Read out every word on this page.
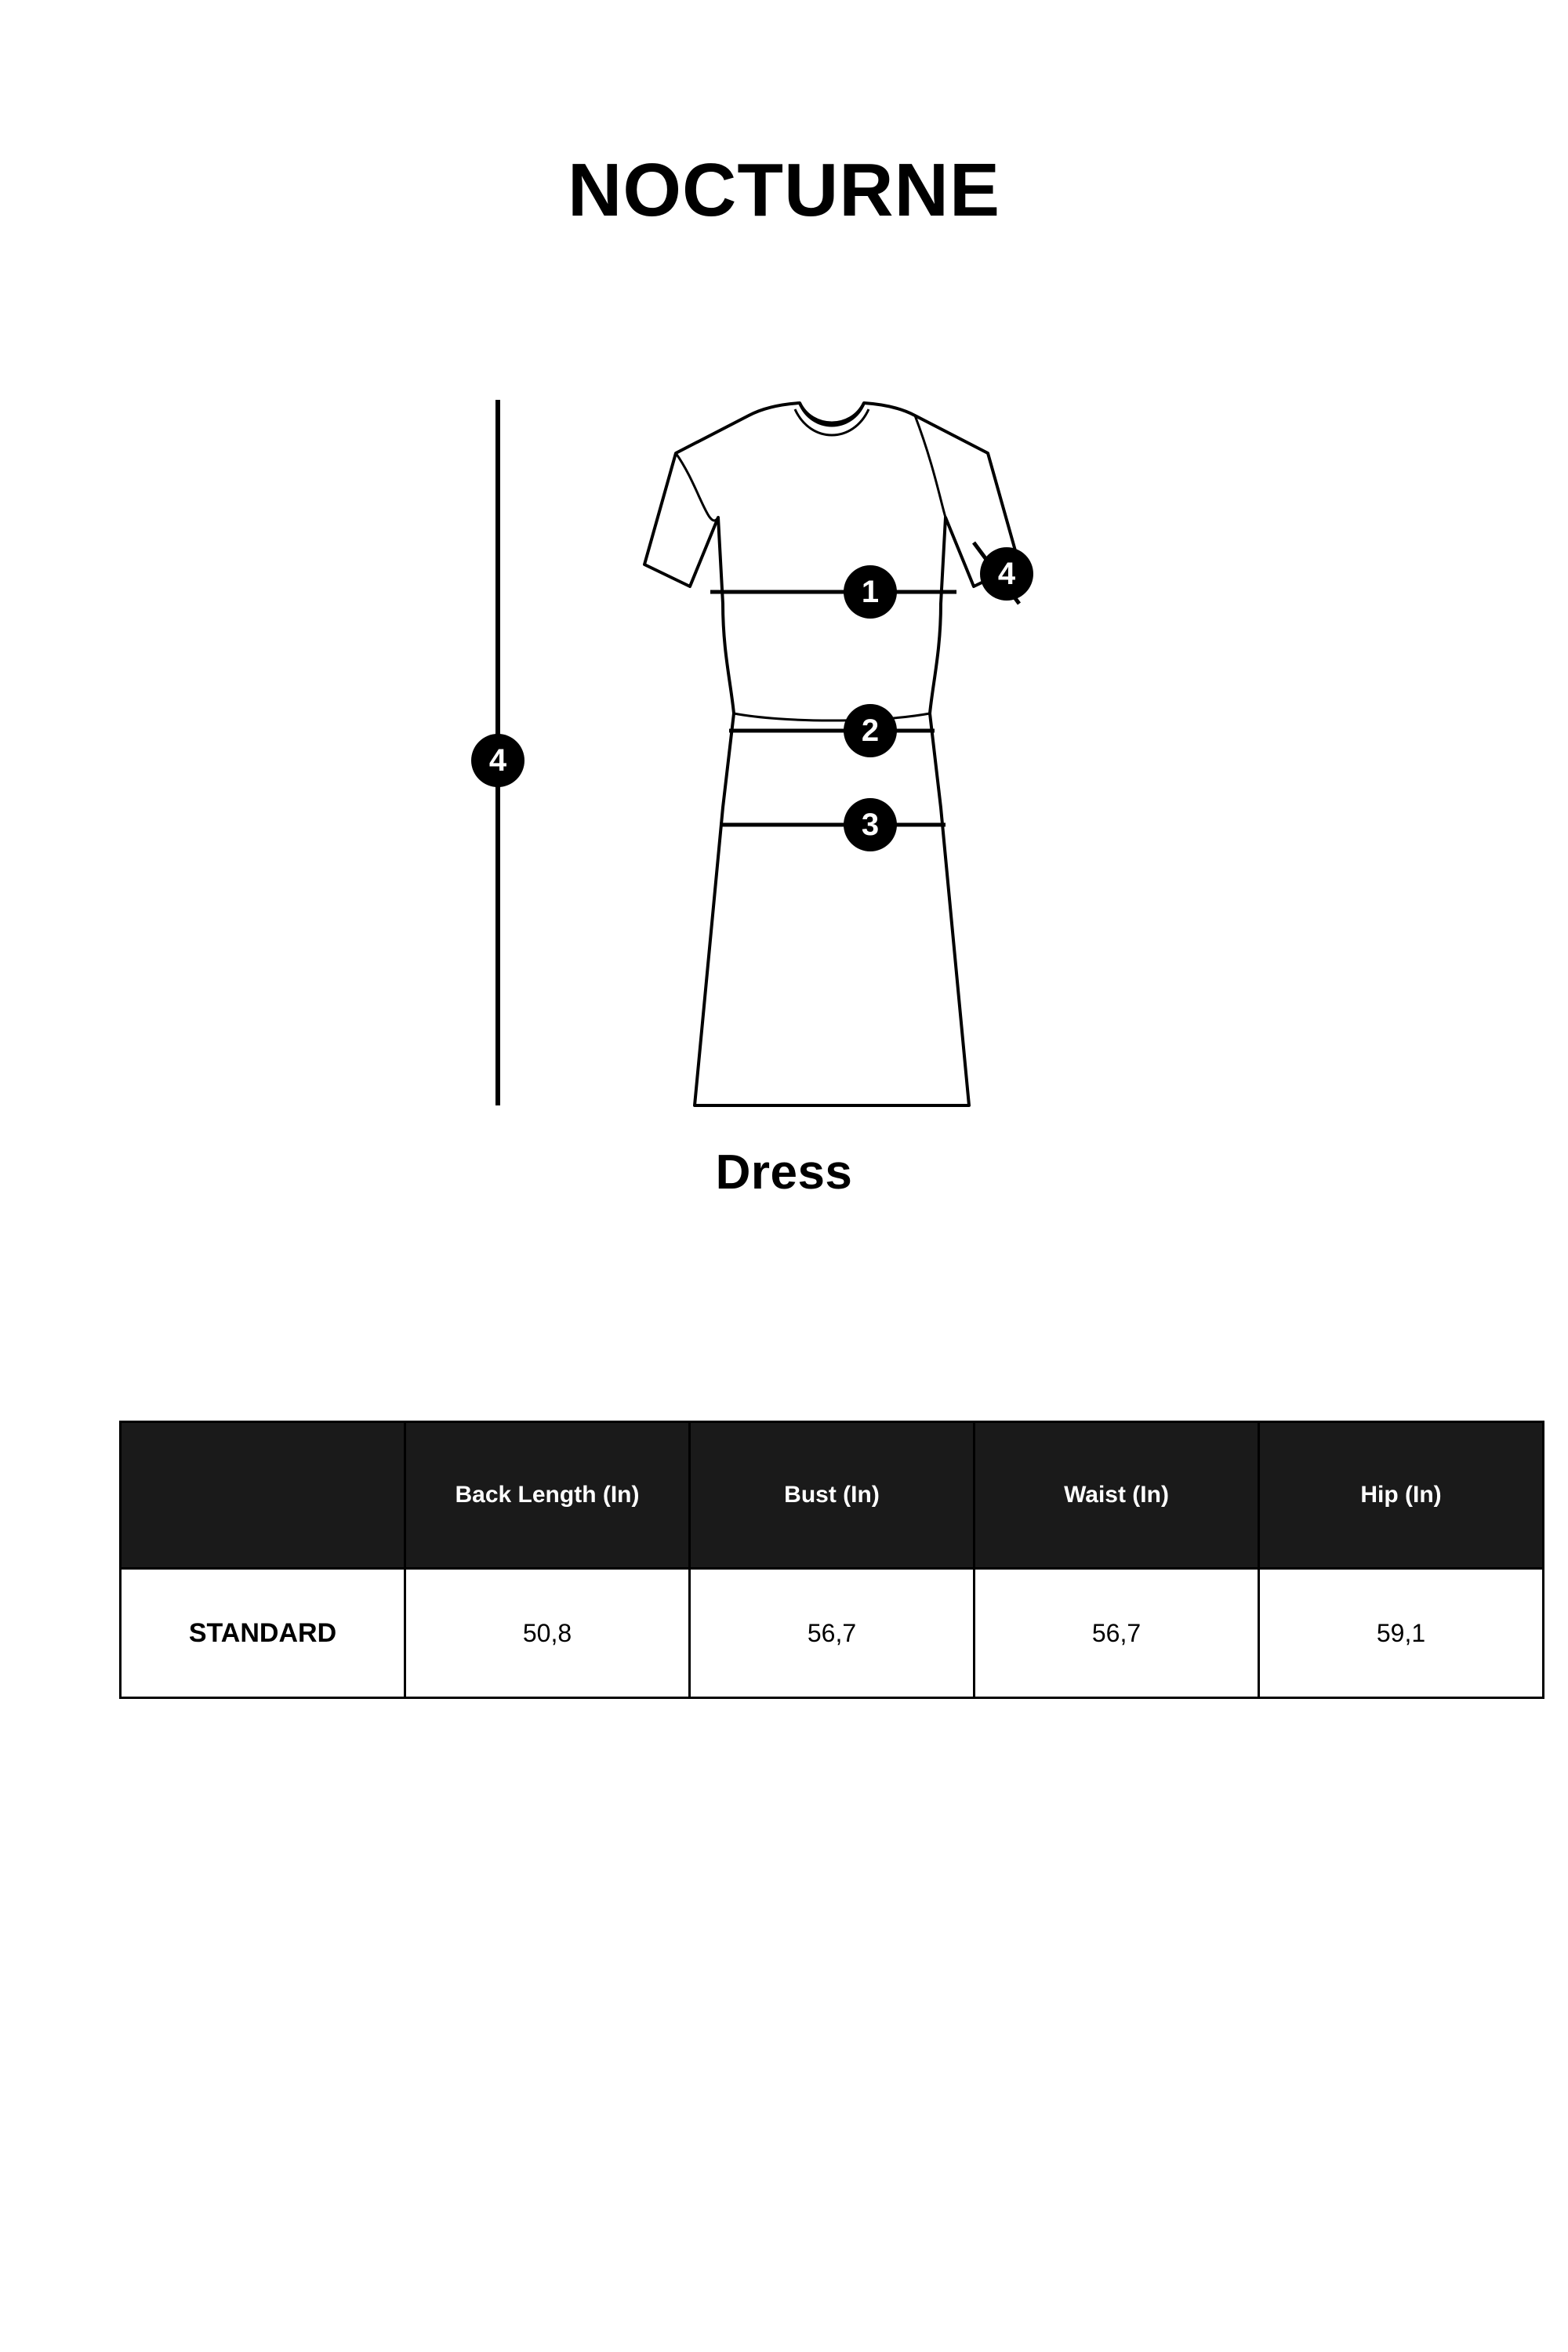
NOCTURNE
1
2
3
4
4
Dress
	Back Length (In)	Bust (In)	Waist (In)	Hip (In)
STANDARD	50,8	56,7	56,7	59,1
